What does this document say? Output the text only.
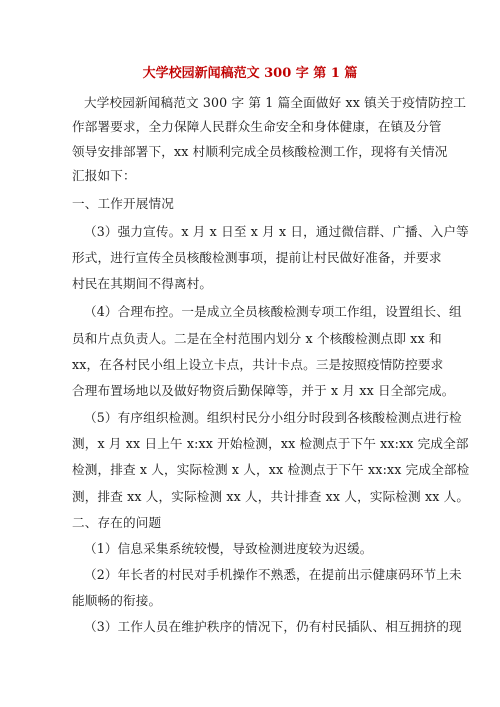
大学校园新闻稿范文 300 字 第 1 篇
大学校园新闻稿范文 300 字 第 1 篇全面做好 xx 镇关于疫情防控工
作部署要求，全力保障人民群众生命安全和身体健康，在镇及分管
领导安排部署下，xx 村顺利完成全员核酸检测工作，现将有关情况
汇报如下：
一、工作开展情况
（3）强力宣传。x 月 x 日至 x 月 x 日，通过微信群、广播、入户等
形式，进行宣传全员核酸检测事项，提前让村民做好准备，并要求
村民在其期间不得离村。
（4）合理布控。一是成立全员核酸检测专项工作组，设置组长、组
员和片点负责人。二是在全村范围内划分 x 个核酸检测点即 xx 和
xx，在各村民小组上设立卡点，共计卡点。三是按照疫情防控要求
合理布置场地以及做好物资后勤保障等，并于 x 月 xx 日全部完成。
（5）有序组织检测。组织村民分小组分时段到各核酸检测点进行检
测，x 月 xx 日上午 x:xx 开始检测，xx 检测点于下午 xx:xx 完成全部
检测，排查 x 人，实际检测 x 人，xx 检测点于下午 xx:xx 完成全部检
测，排查 xx 人，实际检测 xx 人，共计排查 xx 人，实际检测 xx 人。
二、存在的问题
（1）信息采集系统较慢，导致检测进度较为迟缓。
（2）年长者的村民对手机操作不熟悉，在提前出示健康码环节上未
能顺畅的衔接。
（3）工作人员在维护秩序的情况下，仍有村民插队、相互拥挤的现
